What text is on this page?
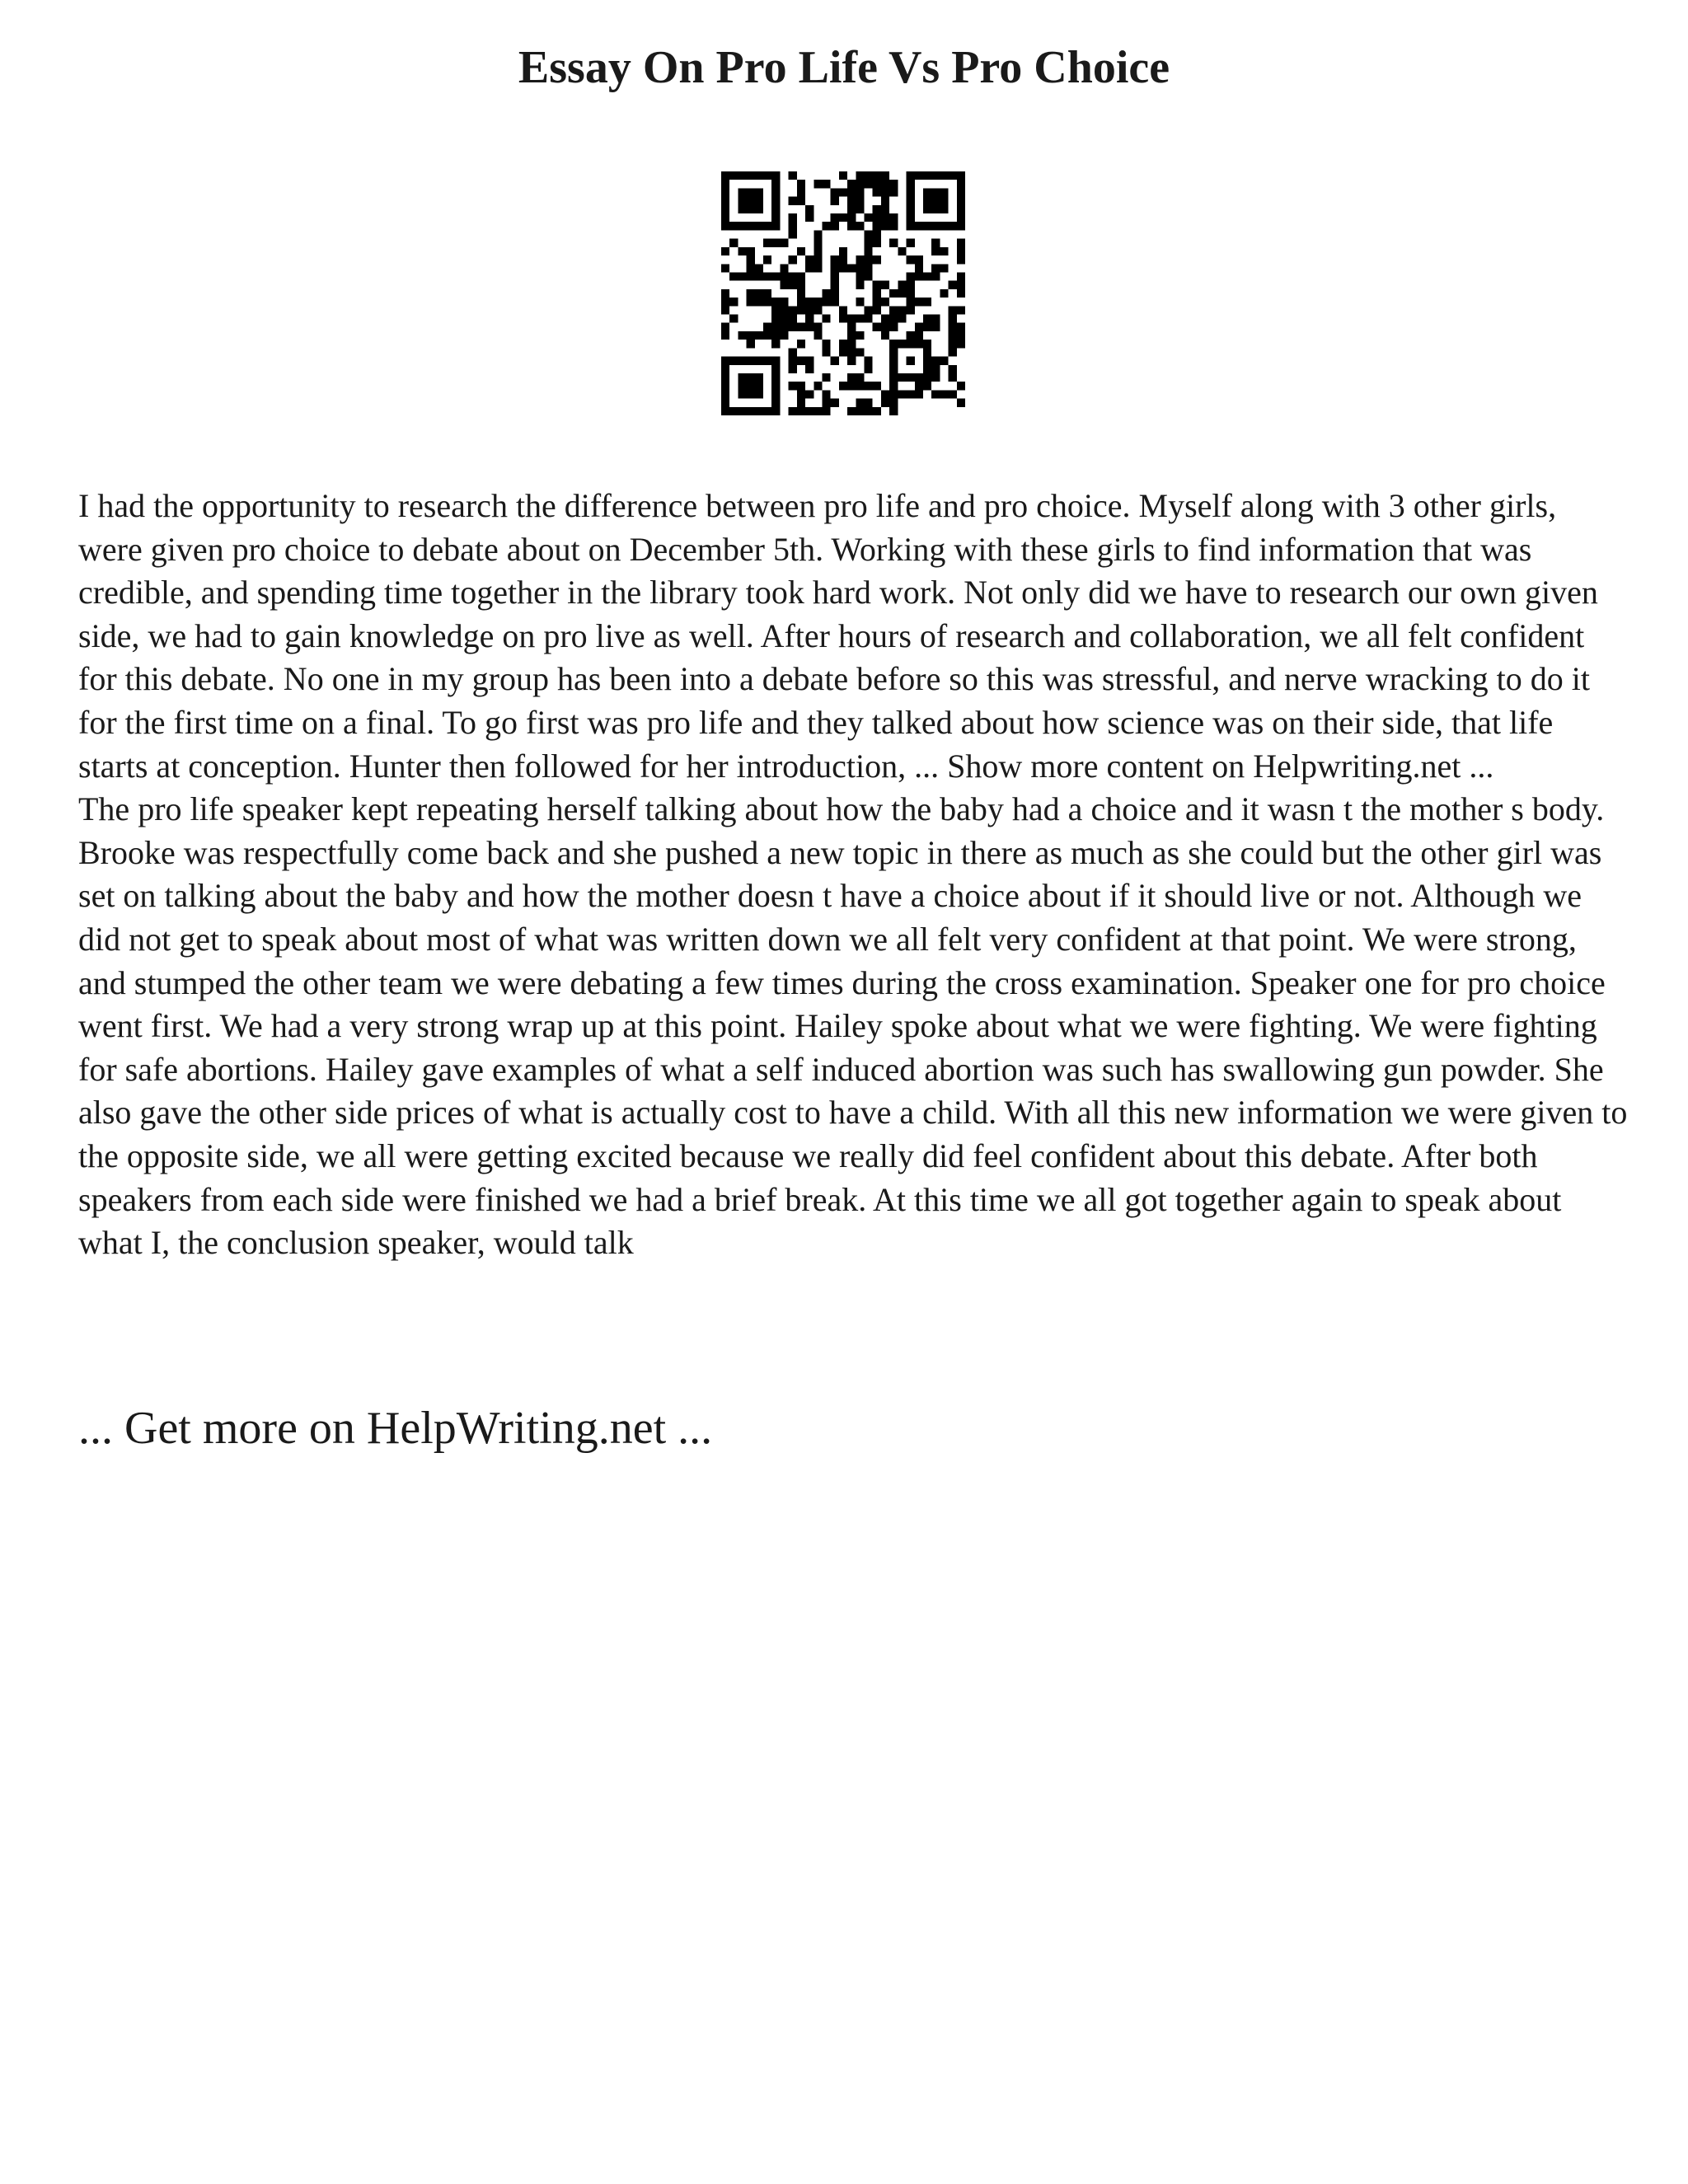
Essay On Pro Life Vs Pro Choice

I had the opportunity to research the difference between pro life and pro choice. Myself along with 3 other girls, were given pro choice to debate about on December 5th. Working with these girls to find information that was credible, and spending time together in the library took hard work. Not only did we have to research our own given side, we had to gain knowledge on pro live as well. After hours of research and collaboration, we all felt confident for this debate. No one in my group has been into a debate before so this was stressful, and nerve wracking to do it for the first time on a final. To go first was pro life and they talked about how science was on their side, that life starts at conception. Hunter then followed for her introduction, ... Show more content on Helpwriting.net ...

The pro life speaker kept repeating herself talking about how the baby had a choice and it wasn t the mother s body. Brooke was respectfully come back and she pushed a new topic in there as much as she could but the other girl was set on talking about the baby and how the mother doesn t have a choice about if it should live or not. Although we did not get to speak about most of what was written down we all felt very confident at that point. We were strong, and stumped the other team we were debating a few times during the cross examination. Speaker one for pro choice went first. We had a very strong wrap up at this point. Hailey spoke about what we were fighting. We were fighting for safe abortions. Hailey gave examples of what a self induced abortion was such has swallowing gun powder. She also gave the other side prices of what is actually cost to have a child. With all this new information we were given to the opposite side, we all were getting excited because we really did feel confident about this debate. After both speakers from each side were finished we had a brief break. At this time we all got together again to speak about what I, the conclusion speaker, would talk

... Get more on HelpWriting.net ...
